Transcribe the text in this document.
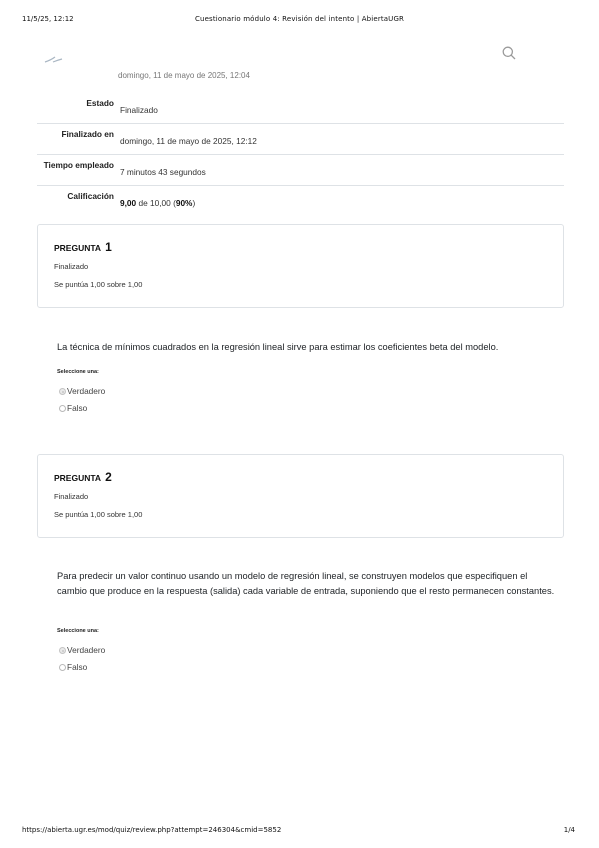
11/5/25, 12:12	Cuestionario módulo 4: Revisión del intento | AbiertaUGR
domingo, 11 de mayo de 2025, 12:04
Estado
Finalizado
Finalizado en
domingo, 11 de mayo de 2025, 12:12
Tiempo empleado
7 minutos 43 segundos
Calificación
9,00 de 10,00 (90%)
PREGUNTA 1
Finalizado
Se puntúa 1,00 sobre 1,00
La técnica de mínimos cuadrados en la regresión lineal sirve para estimar los coeficientes beta del modelo.
Seleccione una:
Verdadero
Falso
PREGUNTA 2
Finalizado
Se puntúa 1,00 sobre 1,00
Para predecir un valor continuo usando un modelo de regresión lineal, se construyen modelos que especifiquen el cambio que produce en la respuesta (salida) cada variable de entrada, suponiendo que el resto permanecen constantes.
Seleccione una:
Verdadero
Falso
https://abierta.ugr.es/mod/quiz/review.php?attempt=246304&cmid=5852	1/4
